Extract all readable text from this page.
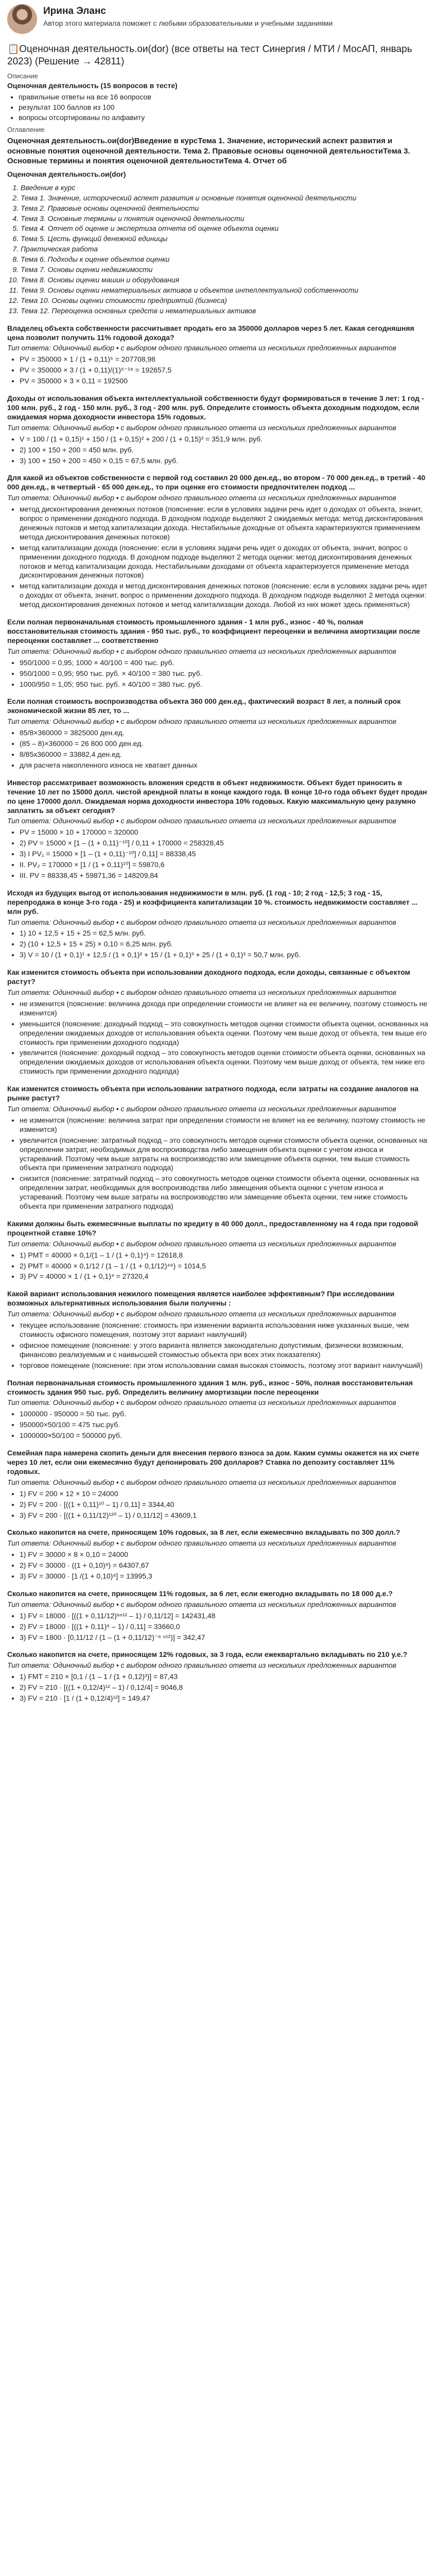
Ирина Эланс
Автор этого материала поможет с любыми образовательными и учебными заданиями
📋 Оценочная деятельность.ои(dor) (все ответы на тест Синергия / МТИ / МосАП, январь 2023) (Решение → 42811)
Описание
Оценочная деятельность (15 вопросов в тесте)
• правильные ответы на все 16 вопросов
• результат 100 баллов из 100
• вопросы отсортированы по алфавиту
Оглавление
Оценочная деятельность.ои(dor)Введение в курсТема 1. Значение, исторический аспект развития и основные понятия оценочной деятельности. Тема 2. Правовые основы оценочной деятельностиТема 3. Основные термины и понятия оценочной деятельностиТема 4. Отчет об
Оценочная деятельность.ои(dor)
1. Введение в курс
2. Тема 1. Значение, исторический аспект развития и основные понятия оценочной деятельности
3. Тема 2. Правовые основы оценочной деятельности
4. Тема 3. Основные термины и понятия оценочной деятельности
5. Тема 4. Отчет об оценке и экспертиза отчета об оценке объекта оценки
6. Тема 5. Цесть функций денежной единицы
7. Практическая работа
8. Тема 6. Подходы к оценке объектов оценки
9. Тема 7. Основы оценки недвижимости
10. Тема 8. Основы оценки машин и оборудования
11. Тема 9. Основы оценки нематериальных активов и объектов интеллектуальной собственности
12. Тема 10. Основы оценки стоимости предприятий (бизнеса)
13. Тема 12. Переоценка основных средств и нематериальных активов
Владелец объекта собственности рассчитывает продать его за 350000 долларов через 5 лет. Какая сегодняшняя цена позволит получить 11% годовой дохода?
Тип ответа: Одиночный выбор • с выбором одного правильного ответа из нескольких предложенных вариантов
• PV = 350000 × 1 / (1 + 0,11)⁵ = 207708,98
• PV = 350000 × 3 / (1 + 0,11)/(1)⁵⁻¹⁸ = 192657,5
• PV = 350000 × 3 × 0,11 = 192500
Доходы от использования объекта интеллектуальной собственности будут формироваться в течение 3 лет: 1 год - 100 млн. руб., 2 год - 150 млн. руб., 3 год - 200 млн. руб. Определите стоимость объекта доходным подходом, если ожидаемая норма доходности инвестора 15% годовых.
Тип ответа: Одиночный выбор • с выбором одного правильного ответа из нескольких предложенных вариантов
• V = 100 / (1 + 0,15)¹ + 150 / (1 + 0,15)² + 200 / (1 + 0,15)³ = 351,9 млн. руб.
• 2) 100 + 150 + 200 = 450 млн. руб.
• 3) 100 + 150 + 200 = 450 × 0,15 = 67,5 млн. руб.
Для какой из объектов собственности с первой год составил 20 000 ден.ед., во втором - 70 000 ден.ед., в третий - 40 000 ден.ед., в четвертый - 65 000 ден.ед., то при оценке его стоимости предпочтителен подход ...
Тип ответа: Одиночный выбор • с выбором одного правильного ответа из нескольких предложенных вариантов
• метод дисконтирования денежных потоков (пояснение: если в условиях задачи речь идет о доходах от объекта, значит, вопрос о применении доходного подхода. В доходном подходе выделяют 2 ожидаемых метода: метод дисконтирования денежных потоков и метод капитализации дохода. Нестабильные доходные от объекта характеризуются применением метода дисконтирования денежных потоков)
• метод капитализации дохода (пояснение: если в условиях задачи речь идет о доходах от объекта, значит, вопрос о применении доходного подхода. В доходном подходе выделяют 2 метода оценки: метод дисконтирования денежных потоков и метод капитализации дохода. Нестабильными доходами от объекта характеризуется применение метода дисконтирования денежных потоков)
• метод капитализации дохода и метод дисконтирования денежных потоков (пояснение: если в условиях задачи речь идет о доходах от объекта, значит, вопрос о применении доходного подхода. В доходном подходе выделяют 2 метода оценки: метод дисконтирования денежных потоков и метод капитализации дохода. Любой из них может здесь применяться)
Если полная первоначальная стоимость промышленного здания - 1 млн руб., износ - 40 %, полная восстановительная стоимость здания - 950 тыс. руб., то коэффициент переоценки и величина амортизации после переоценки составляет ... соответственно
Тип ответа: Одиночный выбор • с выбором одного правильного ответа из нескольких предложенных вариантов
• 950/1000 = 0,95; 1000 × 40/100 = 400 тыс. руб.
• 950/1000 = 0,95; 950 тыс. руб. × 40/100 = 380 тыс. руб.
• 1000/950 = 1,05; 950 тыс. руб. × 40/100 = 380 тыс. руб.
Если полная стоимость воспроизводства объекта 360 000 ден.ед., фактический возраст 8 лет, а полный срок экономической жизни 85 лет, то ...
Тип ответа: Одиночный выбор • с выбором одного правильного ответа из нескольких предложенных вариантов
• 85/8×360000 = 3825000 ден.ед.
• (85 – 8)×360000 = 26 800 000 ден.ед.
• 8/85х360000 = 33882,4 ден.ед.
• для расчета накопленного износа не хватает данных
Инвестор рассматривает возможность вложения средств в объект недвижимости. Объект будет приносить в течение 10 лет по 15000 долл. чистой арендной платы в конце каждого года. В конце 10-го года объект будет продан по цене 170000 долл. Ожидаемая норма доходности инвестора 10% годовых. Какую максимальную цену разумно заплатить за объект сегодня?
Тип ответа: Одиночный выбор • с выбором одного правильного ответа из нескольких предложенных вариантов
• PV = 15000 × 10 + 170000 = 320000
• 2) PV = 15000 × [1 – (1 + 0,11)⁻¹⁰] / 0,11 + 170000 = 258328,45
• 3) I PV₁ = 15000 × [1 – (1 + 0,11)⁻¹⁰] / 0,11] = 88338,45
• II. PV₂ = 170000 × [1 / (1 + 0,11)¹⁰] = 59870,6
• III. PV = 88338,45 + 59871,36 = 148209,84
Исходя из будущих выгод от использования недвижимости в млн. руб. (1 год - 10; 2 год - 12,5; 3 год - 15, перепродажа в конце 3-го года - 25) и коэффициента капитализации 10 %. стоимость недвижимости составляет ... млн руб.
Тип ответа: Одиночный выбор • с выбором одного правильного ответа из нескольких предложенных вариантов
• 1) 10 + 12,5 + 15 + 25 = 62,5 млн. руб.
• 2) (10 + 12,5 + 15 + 25) × 0,10 = 6,25 млн. руб.
• 3) V = 10 / (1 + 0,1)¹ + 12,5 / (1 + 0,1)² + 15 / (1 + 0,1)³ + 25 / (1 + 0,1)³ = 50,7 млн. руб.
Как изменится стоимость объекта при использовании доходного подхода, если доходы, связанные с объектом растут?
Тип ответа: Одиночный выбор • с выбором одного правильного ответа из нескольких предложенных вариантов
• не изменится (пояснение: величина дохода при определении стоимости не влияет на ее величину, поэтому стоимость не изменится)
• уменьшится (пояснение: доходный подход – это совокупность методов оценки стоимости объекта оценки, основанных на определении ожидаемых доходов от использования объекта оценки. Поэтому чем выше доход от объекта, тем выше его стоимость при применении доходного подхода)
• увеличится (пояснение: доходный подход – это совокупность методов оценки стоимости объекта оценки, основанных на определении ожидаемых доходов от использования объекта оценки. Поэтому чем выше доход от объекта, тем ниже его стоимость при применении доходного подхода)
Как изменится стоимость объекта при использовании затратного подхода, если затраты на создание аналогов на рынке растут?
Тип ответа: Одиночный выбор • с выбором одного правильного ответа из нескольких предложенных вариантов
• не изменится (пояснение: величина затрат при определении стоимости не влияет на ее величину, поэтому стоимость не изменится)
• увеличится (пояснение: затратный подход – это совокупность методов оценки стоимости объекта оценки, основанных на определении затрат, необходимых для воспроизводства либо замещения объекта оценки с учетом износа и устареваний. Поэтому чем выше затраты на воспроизводство или замещение объекта оценки, тем выше стоимость объекта при применении затратного подхода)
• снизится (пояснение: затратный подход – это совокупность методов оценки стоимости объекта оценки, основанных на определении затрат, необходимых для воспроизводства либо замещения объекта оценки с учетом износа и устареваний. Поэтому чем выше затраты на воспроизводство или замещение объекта оценки, тем ниже стоимость объекта при применении затратного подхода)
Какими должны быть ежемесячные выплаты по кредиту в 40 000 долл., предоставленному на 4 года при годовой процентной ставке 10%?
Тип ответа: Одиночный выбор • с выбором одного правильного ответа из нескольких предложенных вариантов
• 1) PMT = 40000 × 0,1/(1 – 1 / (1 + 0,1)⁴) = 12618,8
• 2) PMT = 40000 × 0,1/12 / (1 – 1 / (1 + 0,1/12)⁴⁸) = 1014,5
• 3) PV = 40000 × 1 / (1 + 0,1)⁴ = 27320,4
Какой вариант использования нежилого помещения является наиболее эффективным? При исследовании возможных альтернативных использования были получены :
Тип ответа: Одиночный выбор • с выбором одного правильного ответа из нескольких предложенных вариантов
• текущее использование (пояснение: стоимость при изменении варианта использования ниже указанных выше, чем стоимость офисного помещения, поэтому этот вариант наилучший)
• офисное помещение (пояснение: у этого варианта является законодательно допустимым, физически возможным, финансово реализуемым и с наивысшей стоимостью объекта при всех этих показателях)
• торговое помещение (пояснение: при этом использовании самая высокая стоимость, поэтому этот вариант наилучший)
Полная первоначальная стоимость промышленного здания 1 млн. руб., износ - 50%, полная восстановительная стоимость здания 950 тыс. руб. Определить величину амортизации после переоценки
Тип ответа: Одиночный выбор • с выбором одного правильного ответа из нескольких предложенных вариантов
• 1000000 - 950000 = 50 тыс. руб.
• 950000×50/100 = 475 тыс.руб.
• 1000000×50/100 = 500000 руб.
Семейная пара намерена скопить деньги для внесения первого взноса за дом. Каким суммы окажется на их счете через 10 лет, если они ежемесячно будут депонировать 200 долларов? Ставка по депозиту составляет 11% годовых.
Тип ответа: Одиночный выбор • с выбором одного правильного ответа из нескольких предложенных вариантов
• 1) FV = 200 × 12 × 10 = 24000
• 2) FV = 200 · [((1 + 0,11)¹⁰ – 1) / 0,11] = 3344,40
• 3) FV = 200 · [((1 + 0,11/12)¹²⁰ – 1) / 0,11/12] = 43609,1
Сколько накопится на счете, приносящем 10% годовых, за 8 лет, если ежемесячно вкладывать по 300 долл.?
Тип ответа: Одиночный выбор • с выбором одного правильного ответа из нескольких предложенных вариантов
• 1) FV = 30000 × 8 × 0,10 = 24000
• 2) FV = 30000 · ((1 + 0,10)⁸) = 64307,67
• 3) FV = 30000 · [1 /(1 + 0,10)⁸] = 13995,3
Сколько накопится на счете, приносящем 11% годовых, за 6 лет, если ежегодно вкладывать по 18 000 д.е.?
Тип ответа: Одиночный выбор • с выбором одного правильного ответа из нескольких предложенных вариантов
• 1) FV = 18000 · [((1 + 0,11/12)⁶ⁿ¹² – 1) / 0,11/12] = 142431,48
• 2) FV = 18000 · [((1 + 0,11)⁶ – 1) / 0,11] = 33660,0
• 3) FV = 1800 · [0,11/12 / (1 – (1 + 0,11/12)⁻⁶ ⁿ¹²)] = 342,47
Сколько накопится на счете, приносящем 12% годовых, за 3 года, если ежеквартально вкладывать по 210 у.е.?
Тип ответа: Одиночный выбор • с выбором одного правильного ответа из нескольких предложенных вариантов
• 1) FMT = 210 × [0,1 / (1 – 1 / (1 + 0,12)³)] = 87,43
• 2) FV = 210 · [((1 + 0,12/4)¹² – 1) / 0,12/4] = 9046,8
• 3) FV = 210 · [1 / (1 + 0,12/4)¹²] = 149,47
